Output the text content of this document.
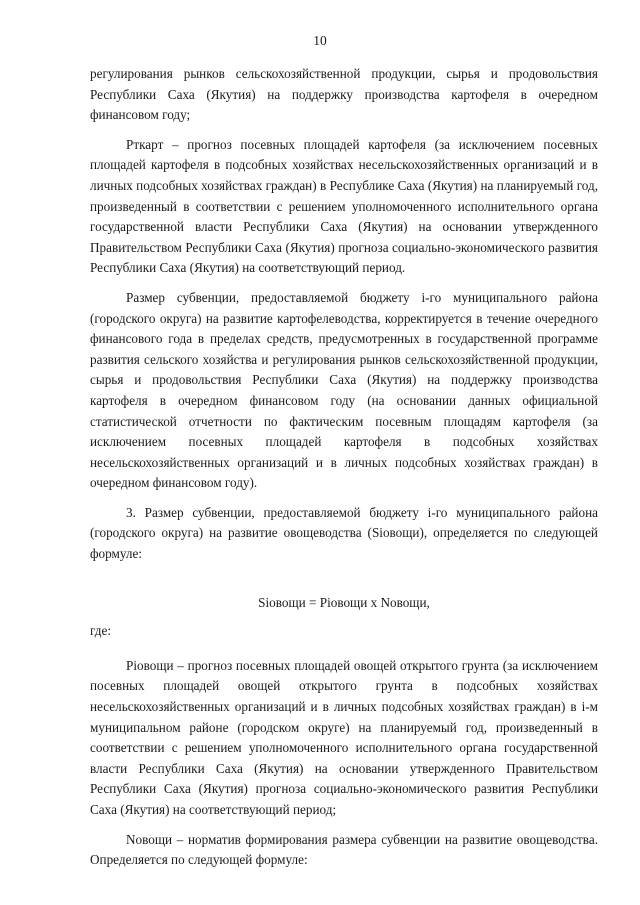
10

регулирования рынков сельскохозяйственной продукции, сырья и продовольствия Республики Саха (Якутия) на поддержку производства картофеля в очередном финансовом году;

Рткарт – прогноз посевных площадей картофеля (за исключением посевных площадей картофеля в подсобных хозяйствах несельскохозяйственных организаций и в личных подсобных хозяйствах граждан) в Республике Саха (Якутия) на планируемый год, произведенный в соответствии с решением уполномоченного исполнительного органа государственной власти Республики Саха (Якутия) на основании утвержденного Правительством Республики Саха (Якутия) прогноза социально-экономического развития Республики Саха (Якутия) на соответствующий период.

Размер субвенции, предоставляемой бюджету i-го муниципального района (городского округа) на развитие картофелеводства, корректируется в течение очередного финансового года в пределах средств, предусмотренных в государственной программе развития сельского хозяйства и регулирования рынков сельскохозяйственной продукции, сырья и продовольствия Республики Саха (Якутия) на поддержку производства картофеля в очередном финансовом году (на основании данных официальной статистической отчетности по фактическим посевным площадям картофеля (за исключением посевных площадей картофеля в подсобных хозяйствах несельскохозяйственных организаций и в личных подсобных хозяйствах граждан) в очередном финансовом году).

3. Размер субвенции, предоставляемой бюджету i-го муниципального района (городского округа) на развитие овощеводства (Siовощи), определяется по следующей формуле:

Siовощи = Piовощи х Nовощи,

где:

Piовощи – прогноз посевных площадей овощей открытого грунта (за исключением посевных площадей овощей открытого грунта в подсобных хозяйствах несельскохозяйственных организаций и в личных подсобных хозяйствах граждан) в i-м муниципальном районе (городском округе) на планируемый год, произведенный в соответствии с решением уполномоченного исполнительного органа государственной власти Республики Саха (Якутия) на основании утвержденного Правительством Республики Саха (Якутия) прогноза социально-экономического развития Республики Саха (Якутия) на соответствующий период;

Nовощи – норматив формирования размера субвенции на развитие овощеводства. Определяется по следующей формуле:
